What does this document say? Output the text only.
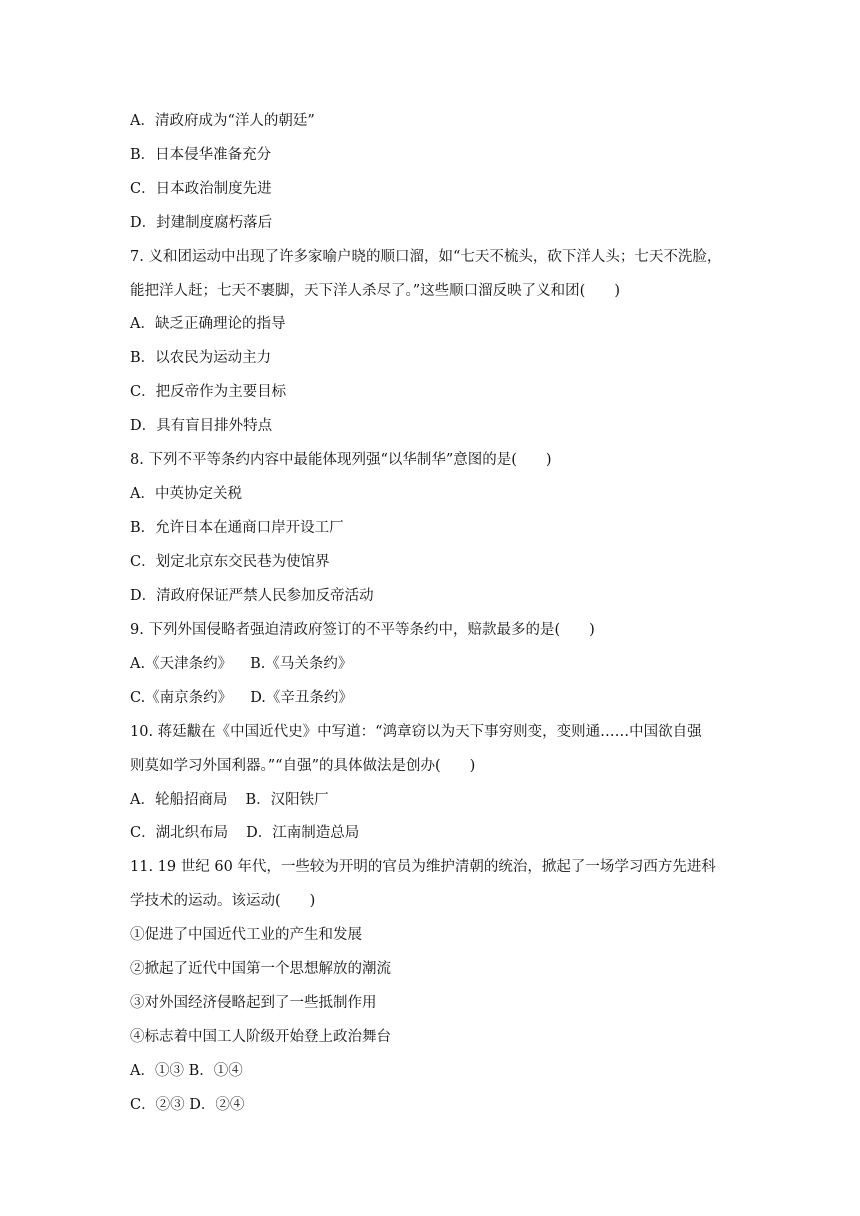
A．清政府成为“洋人的朝廷”
B．日本侵华准备充分
C．日本政治制度先进
D．封建制度腐朽落后
7. 义和团运动中出现了许多家喻户晓的顺口溜，如“七天不梳头，砍下洋人头；七天不洗脸，
能把洋人赶；七天不裹脚，天下洋人杀尽了。”这些顺口溜反映了义和团(　　)
A．缺乏正确理论的指导
B．以农民为运动主力
C．把反帝作为主要目标
D．具有盲目排外特点
8. 下列不平等条约内容中最能体现列强“以华制华”意图的是(　　)
A．中英协定关税
B．允许日本在通商口岸开设工厂
C．划定北京东交民巷为使馆界
D．清政府保证严禁人民参加反帝活动
9. 下列外国侵略者强迫清政府签订的不平等条约中，赔款最多的是(　　)
A.《天津条约》 B.《马关条约》
C.《南京条约》 D.《辛丑条约》
10. 蒋廷黻在《中国近代史》中写道：“鸿章窃以为天下事穷则变，变则通……中国欲自强
则莫如学习外国利器。”“自强”的具体做法是创办(　　)
A．轮船招商局 B．汉阳铁厂
C．湖北织布局 D．江南制造总局
11. 19 世纪 60 年代，一些较为开明的官员为维护清朝的统治，掀起了一场学习西方先进科
学技术的运动。该运动(　　)
①促进了中国近代工业的产生和发展
②掀起了近代中国第一个思想解放的潮流
③对外国经济侵略起到了一些抵制作用
④标志着中国工人阶级开始登上政治舞台
A．①③ B．①④
C．②③ D．②④
